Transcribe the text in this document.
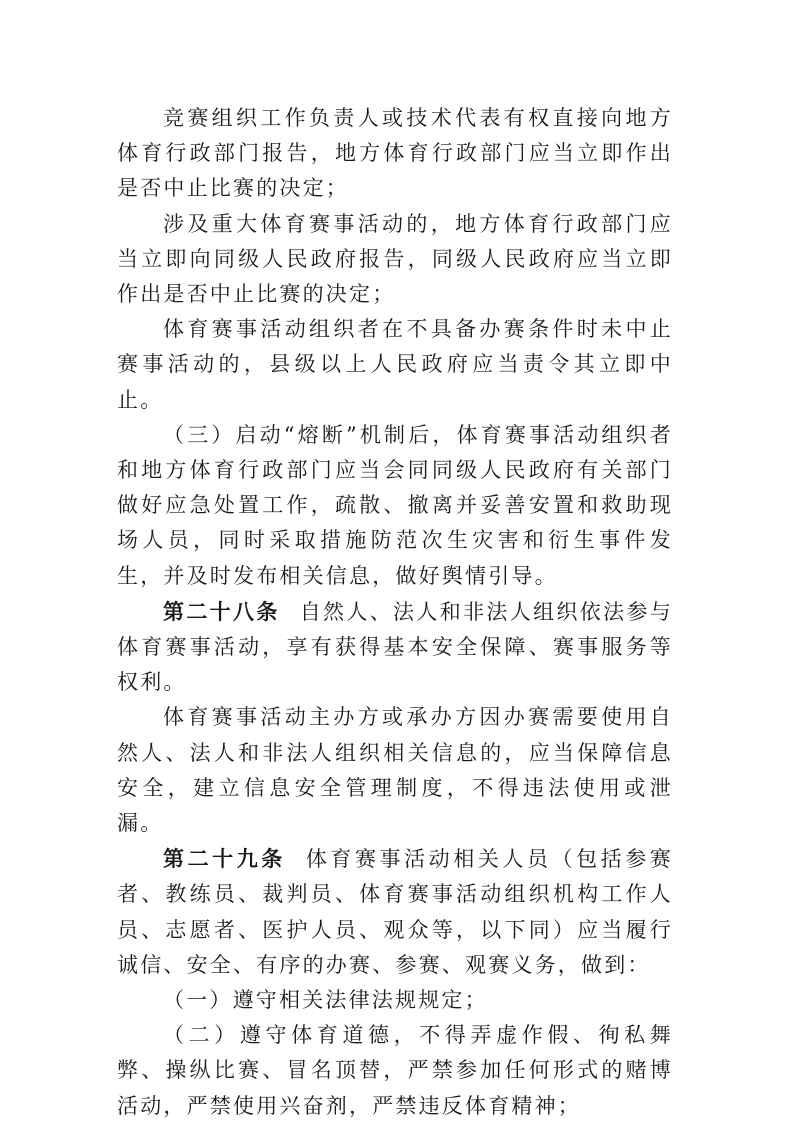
竞赛组织工作负责人或技术代表有权直接向地方体育行政部门报告，地方体育行政部门应当立即作出是否中止比赛的决定；

涉及重大体育赛事活动的，地方体育行政部门应当立即向同级人民政府报告，同级人民政府应当立即作出是否中止比赛的决定；

体育赛事活动组织者在不具备办赛条件时未中止赛事活动的，县级以上人民政府应当责令其立即中止。

（三）启动“熔断”机制后，体育赛事活动组织者和地方体育行政部门应当会同同级人民政府有关部门做好应急处置工作，疏散、撤离并妥善安置和救助现场人员，同时采取措施防范次生灾害和衍生事件发生，并及时发布相关信息，做好舆情引导。

第二十八条 自然人、法人和非法人组织依法参与体育赛事活动，享有获得基本安全保障、赛事服务等权利。

体育赛事活动主办方或承办方因办赛需要使用自然人、法人和非法人组织相关信息的，应当保障信息安全，建立信息安全管理制度，不得违法使用或泄漏。

第二十九条 体育赛事活动相关人员（包括参赛者、教练员、裁判员、体育赛事活动组织机构工作人员、志愿者、医护人员、观众等，以下同）应当履行诚信、安全、有序的办赛、参赛、观赛义务，做到：

（一）遵守相关法律法规规定；

（二）遵守体育道德，不得弄虚作假、徇私舞弊、操纵比赛、冒名顶替，严禁参加任何形式的赌博活动，严禁使用兴奋剂，严禁违反体育精神；
